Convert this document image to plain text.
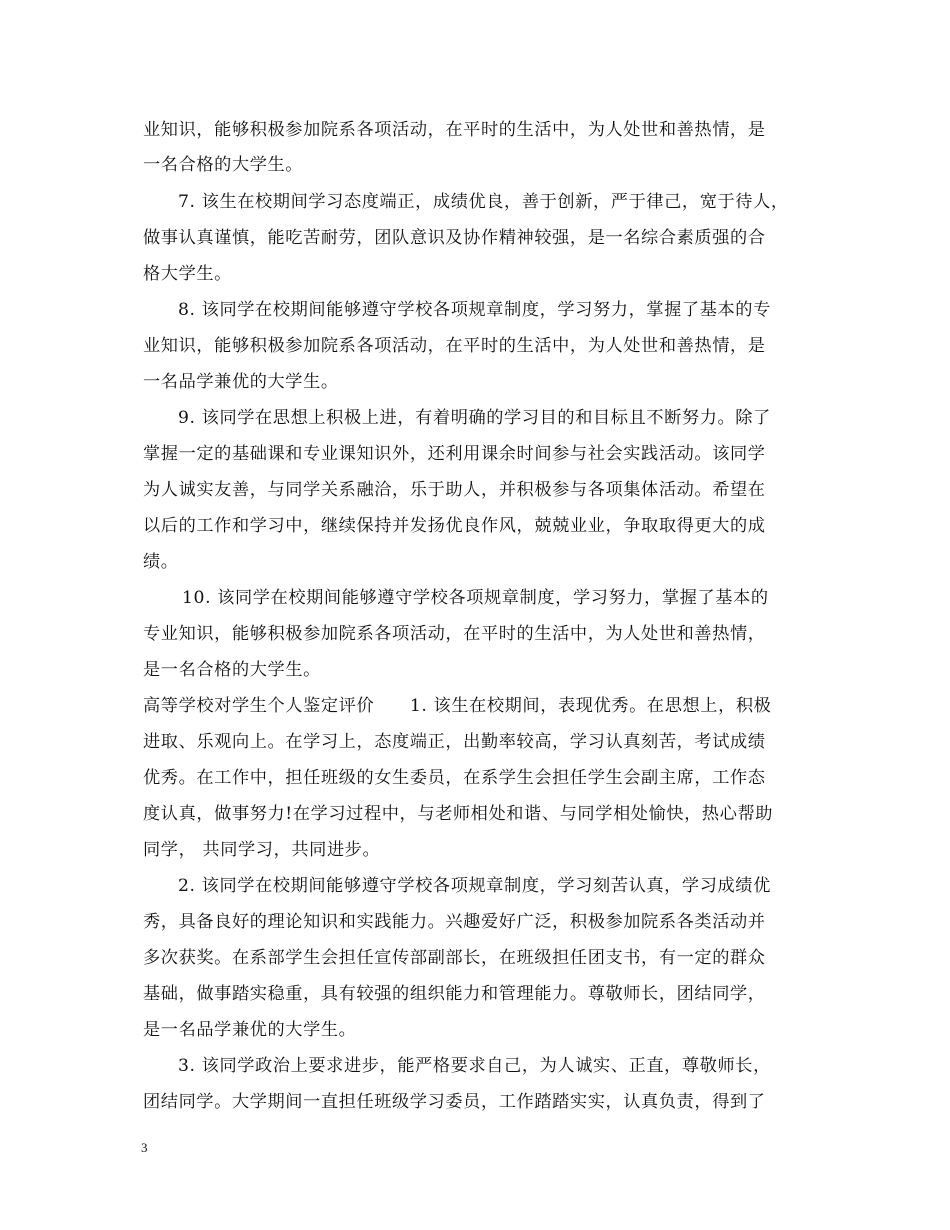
业知识，能够积极参加院系各项活动，在平时的生活中，为人处世和善热情，是
一名合格的大学生。
7. 该生在校期间学习态度端正，成绩优良，善于创新，严于律己，宽于待人，
做事认真谨慎，能吃苦耐劳，团队意识及协作精神较强，是一名综合素质强的合
格大学生。
8. 该同学在校期间能够遵守学校各项规章制度，学习努力，掌握了基本的专
业知识，能够积极参加院系各项活动，在平时的生活中，为人处世和善热情，是
一名品学兼优的大学生。
9. 该同学在思想上积极上进，有着明确的学习目的和目标且不断努力。除了
掌握一定的基础课和专业课知识外，还利用课余时间参与社会实践活动。该同学
为人诚实友善，与同学关系融洽，乐于助人，并积极参与各项集体活动。希望在
以后的工作和学习中，继续保持并发扬优良作风，兢兢业业，争取取得更大的成
绩。
10. 该同学在校期间能够遵守学校各项规章制度，学习努力，掌握了基本的
专业知识，能够积极参加院系各项活动，在平时的生活中，为人处世和善热情，
是一名合格的大学生。
高等学校对学生个人鉴定评价　　1. 该生在校期间，表现优秀。在思想上，积极
进取、乐观向上。在学习上，态度端正，出勤率较高，学习认真刻苦，考试成绩
优秀。在工作中，担任班级的女生委员，在系学生会担任学生会副主席，工作态
度认真，做事努力!在学习过程中，与老师相处和谐、与同学相处愉快，热心帮助
同学， 共同学习，共同进步。
2. 该同学在校期间能够遵守学校各项规章制度，学习刻苦认真，学习成绩优
秀，具备良好的理论知识和实践能力。兴趣爱好广泛，积极参加院系各类活动并
多次获奖。在系部学生会担任宣传部副部长，在班级担任团支书，有一定的群众
基础，做事踏实稳重，具有较强的组织能力和管理能力。尊敬师长，团结同学，
是一名品学兼优的大学生。
3. 该同学政治上要求进步，能严格要求自己，为人诚实、正直，尊敬师长，
团结同学。大学期间一直担任班级学习委员，工作踏踏实实，认真负责，得到了
3
